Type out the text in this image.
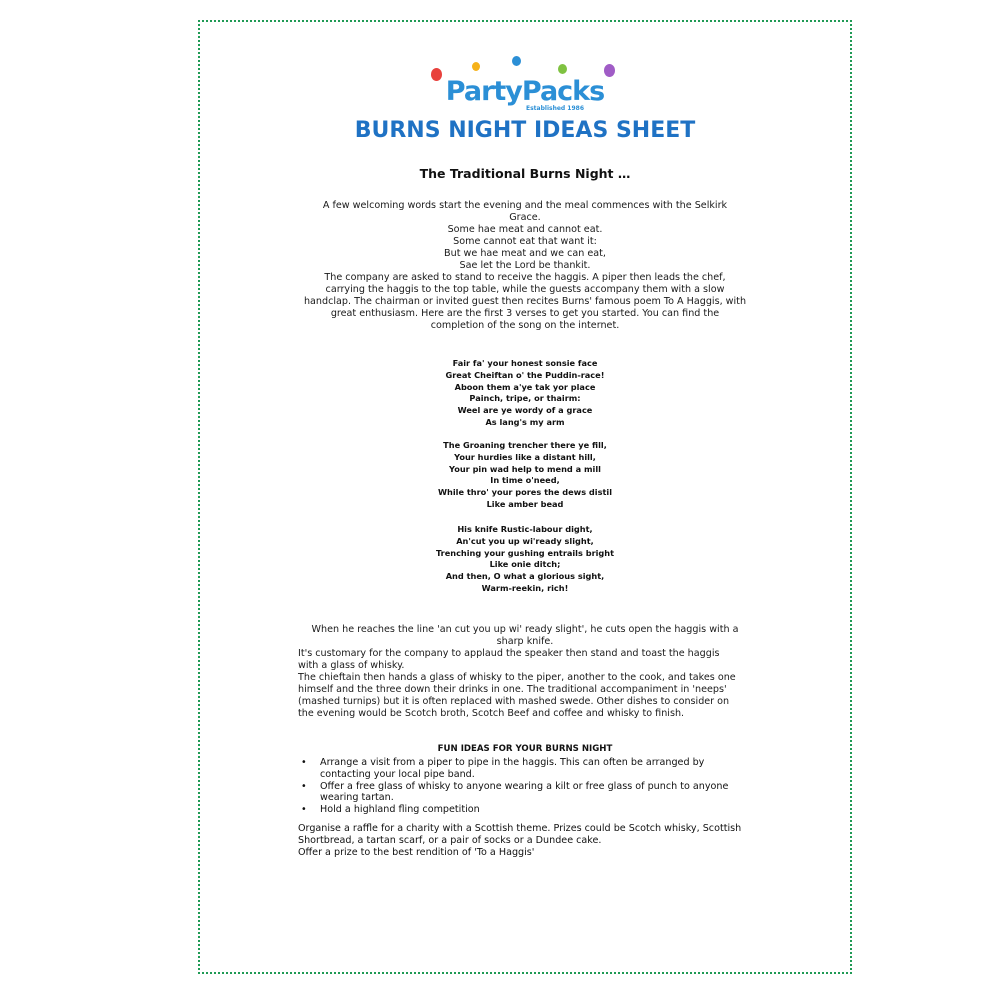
PartyPacks
Established 1986
BURNS NIGHT IDEAS SHEET
The Traditional Burns Night …
A few welcoming words start the evening and the meal commences with the Selkirk
Grace.
Some hae meat and cannot eat.
Some cannot eat that want it:
But we hae meat and we can eat,
Sae let the Lord be thankit.
The company are asked to stand to receive the haggis. A piper then leads the chef,
carrying the haggis to the top table, while the guests accompany them with a slow
handclap. The chairman or invited guest then recites Burns' famous poem To A Haggis, with
great enthusiasm. Here are the first 3 verses to get you started. You can find the
completion of the song on the internet.
Fair fa' your honest sonsie face
Great Cheiftan o' the Puddin-race!
Aboon them a'ye tak yor place
Painch, tripe, or thairm:
Weel are ye wordy of a grace
As lang's my arm
The Groaning trencher there ye fill,
Your hurdies like a distant hill,
Your pin wad help to mend a mill
In time o'need,
While thro' your pores the dews distil
Like amber bead
His knife Rustic-labour dight,
An'cut you up wi'ready slight,
Trenching your gushing entrails bright
Like onie ditch;
And then, O what a glorious sight,
Warm-reekin, rich!
When he reaches the line 'an cut you up wi' ready slight', he cuts open the haggis with a
sharp knife.
It's customary for the company to applaud the speaker then stand and toast the haggis
with a glass of whisky.
The chieftain then hands a glass of whisky to the piper, another to the cook, and takes one
himself and the three down their drinks in one. The traditional accompaniment in 'neeps'
(mashed turnips) but it is often replaced with mashed swede. Other dishes to consider on
the evening would be Scotch broth, Scotch Beef and coffee and whisky to finish.
FUN IDEAS FOR YOUR BURNS NIGHT
• Arrange a visit from a piper to pipe in the haggis. This can often be arranged by
contacting your local pipe band.
• Offer a free glass of whisky to anyone wearing a kilt or free glass of punch to anyone
wearing tartan.
• Hold a highland fling competition
Organise a raffle for a charity with a Scottish theme. Prizes could be Scotch whisky, Scottish
Shortbread, a tartan scarf, or a pair of socks or a Dundee cake.
Offer a prize to the best rendition of 'To a Haggis'
